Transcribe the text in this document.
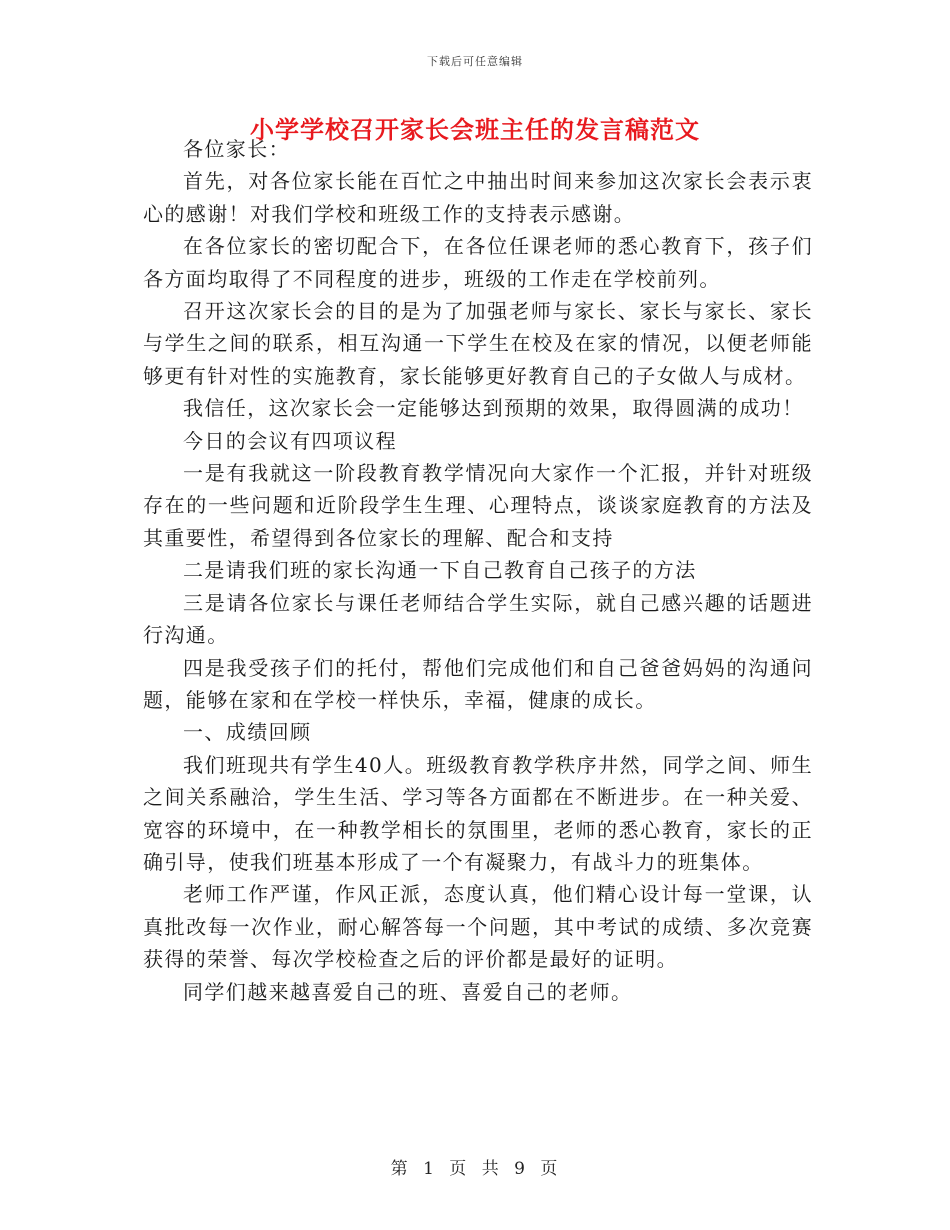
下载后可任意编辑
小学学校召开家长会班主任的发言稿范文

各位家长：

首先，对各位家长能在百忙之中抽出时间来参加这次家长会表示衷心的感谢！对我们学校和班级工作的支持表示感谢。

在各位家长的密切配合下，在各位任课老师的悉心教育下，孩子们各方面均取得了不同程度的进步，班级的工作走在学校前列。

召开这次家长会的目的是为了加强老师与家长、家长与家长、家长与学生之间的联系，相互沟通一下学生在校及在家的情况，以便老师能够更有针对性的实施教育，家长能够更好教育自己的子女做人与成材。

我信任，这次家长会一定能够达到预期的效果，取得圆满的成功！

今日的会议有四项议程

一是有我就这一阶段教育教学情况向大家作一个汇报，并针对班级存在的一些问题和近阶段学生生理、心理特点，谈谈家庭教育的方法及其重要性，希望得到各位家长的理解、配合和支持

二是请我们班的家长沟通一下自己教育自己孩子的方法

三是请各位家长与课任老师结合学生实际，就自己感兴趣的话题进行沟通。

四是我受孩子们的托付，帮他们完成他们和自己爸爸妈妈的沟通问题，能够在家和在学校一样快乐，幸福，健康的成长。

一、成绩回顾

我们班现共有学生40人。班级教育教学秩序井然，同学之间、师生之间关系融洽，学生生活、学习等各方面都在不断进步。在一种关爱、宽容的环境中，在一种教学相长的氛围里，老师的悉心教育，家长的正确引导，使我们班基本形成了一个有凝聚力，有战斗力的班集体。

老师工作严谨，作风正派，态度认真，他们精心设计每一堂课，认真批改每一次作业，耐心解答每一个问题，其中考试的成绩、多次竞赛获得的荣誉、每次学校检查之后的评价都是最好的证明。

同学们越来越喜爱自己的班、喜爱自己的老师。

第 1 页 共 9 页
